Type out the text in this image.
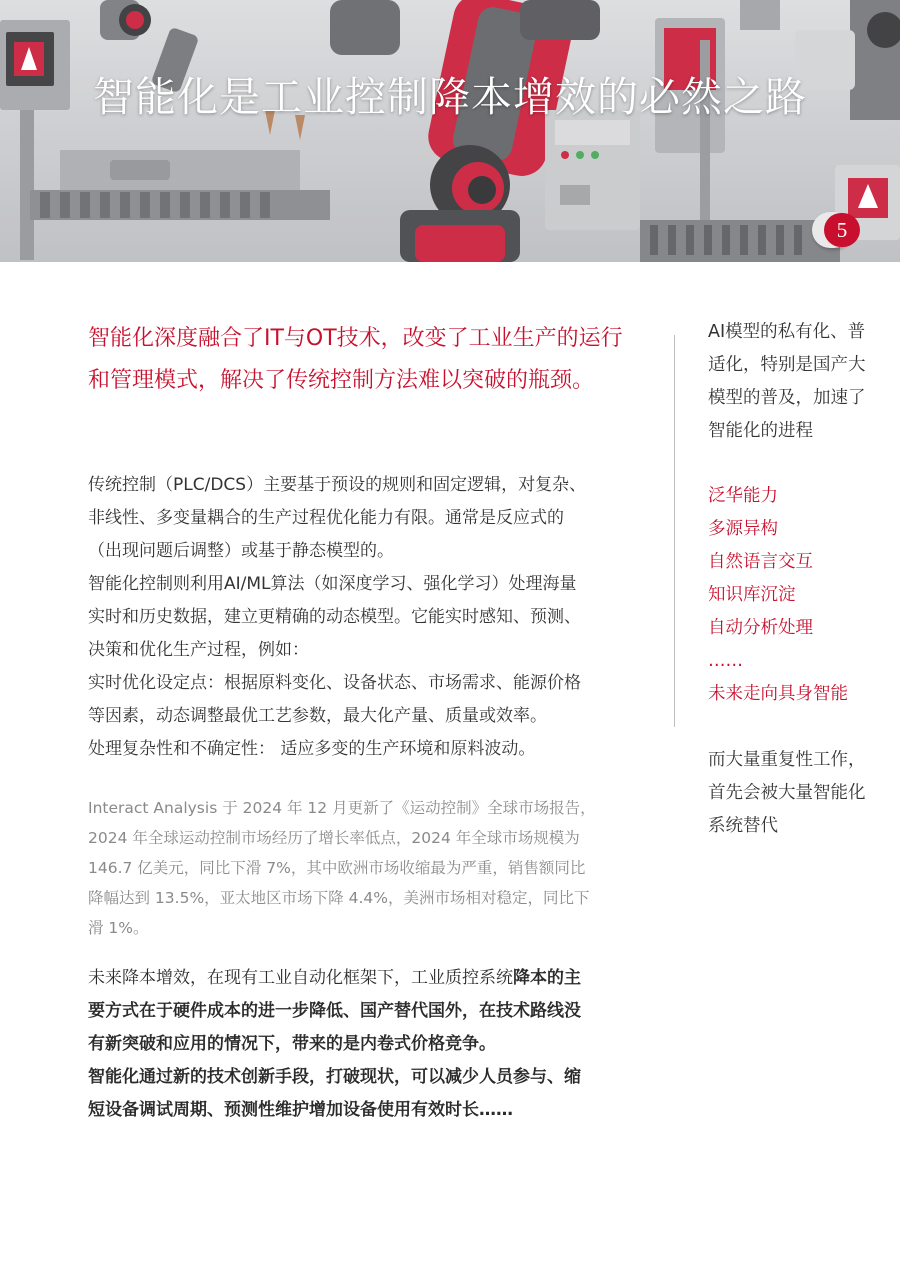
智能化是工业控制降本增效的必然之路
5

智能化深度融合了IT与OT技术，改变了工业生产的运行

和管理模式，解决了传统控制方法难以突破的瓶颈。

传统控制（PLC/DCS）主要基于预设的规则和固定逻辑，对复杂、

非线性、多变量耦合的生产过程优化能力有限。通常是反应式的

（出现问题后调整）或基于静态模型的。

智能化控制则利用AI/ML算法（如深度学习、强化学习）处理海量

实时和历史数据，建立更精确的动态模型。它能实时感知、预测、

决策和优化生产过程，例如：

实时优化设定点：根据原料变化、设备状态、市场需求、能源价格

等因素，动态调整最优工艺参数，最大化产量、质量或效率。

处理复杂性和不确定性： 适应多变的生产环境和原料波动。

Interact Analysis 于 2024 年 12 月更新了《运动控制》全球市场报告，

2024 年全球运动控制市场经历了增长率低点，2024 年全球市场规模为

146.7 亿美元，同比下滑 7%，其中欧洲市场收缩最为严重，销售额同比

降幅达到 13.5%，亚太地区市场下降 4.4%，美洲市场相对稳定，同比下

滑 1%。

未来降本增效，在现有工业自动化框架下，工业质控系统降本的主

要方式在于硬件成本的进一步降低、国产替代国外，在技术路线没

有新突破和应用的情况下，带来的是内卷式价格竞争。

智能化通过新的技术创新手段，打破现状，可以减少人员参与、缩

短设备调试周期、预测性维护增加设备使用有效时长……

AI模型的私有化、普

适化，特别是国产大

模型的普及，加速了

智能化的进程

泛华能力
多源异构
自然语言交互
知识库沉淀
自动分析处理
……
未来走向具身智能

而大量重复性工作，

首先会被大量智能化

系统替代
